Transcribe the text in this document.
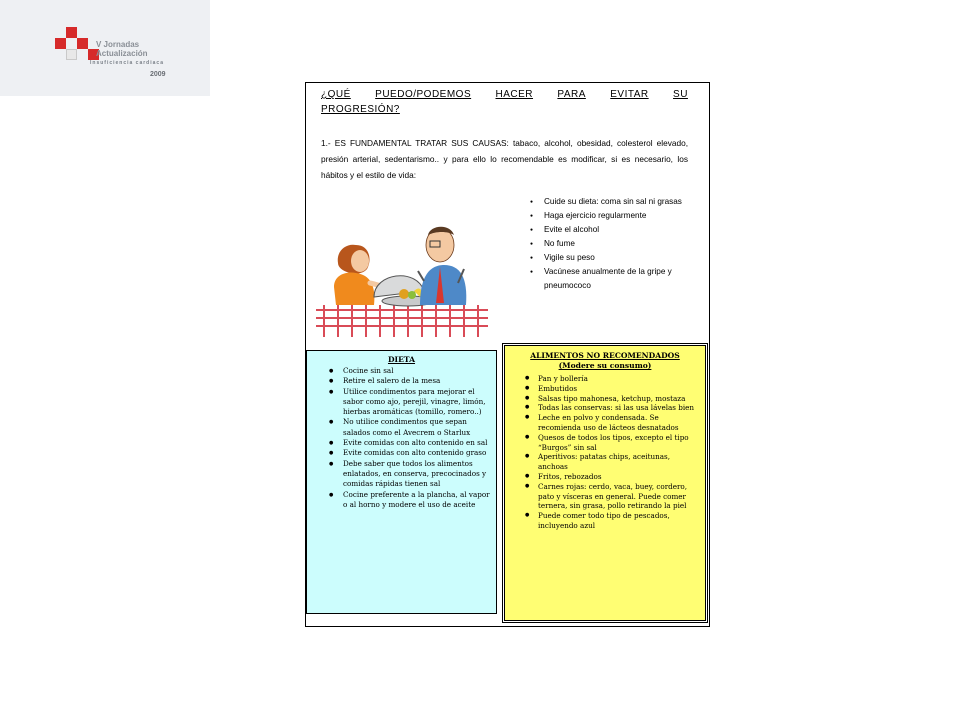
V Jornadas
Actualización
Insuficiencia cardiaca
2009
¿QUÉ PUEDO/PODEMOS HACER PARA EVITAR SU
PROGRESIÓN?
1.- ES FUNDAMENTAL TRATAR SUS CAUSAS: tabaco, alcohol, obesidad, colesterol elevado, presión arterial, sedentarismo.. y para ello lo recomendable es modificar, si es necesario, los hábitos y el estilo de vida:
● Cuide su dieta: coma sin sal ni grasas
● Haga ejercicio regularmente
● Evite el alcohol
● No fume
● Vigile su peso
● Vacúnese anualmente de la gripe y pneumococo
DIETA
● Cocine sin sal
● Retire el salero de la mesa
● Utilice condimentos para mejorar el sabor como ajo, perejil, vinagre, limón, hierbas aromáticas (tomillo, romero..)
● No utilice condimentos que sepan salados como el Avecrem o Starlux
● Evite comidas con alto contenido en sal
● Evite comidas con alto contenido graso
● Debe saber que todos los alimentos enlatados, en conserva, precocinados y comidas rápidas tienen sal
● Cocine preferente a la plancha, al vapor o al horno y modere el uso de aceite
ALIMENTOS NO RECOMENDADOS
(Modere su consumo)
● Pan y bollería
● Embutidos
● Salsas tipo mahonesa, ketchup, mostaza
● Todas las conservas: si las usa lávelas bien
● Leche en polvo y condensada. Se recomienda uso de lácteos desnatados
● Quesos de todos los tipos, excepto el tipo “Burgos” sin sal
● Aperitivos: patatas chips, aceitunas, anchoas
● Fritos, rebozados
● Carnes rojas: cerdo, vaca, buey, cordero, pato y vísceras en general. Puede comer ternera, sin grasa, pollo retirando la piel
● Puede comer todo tipo de pescados, incluyendo azul
